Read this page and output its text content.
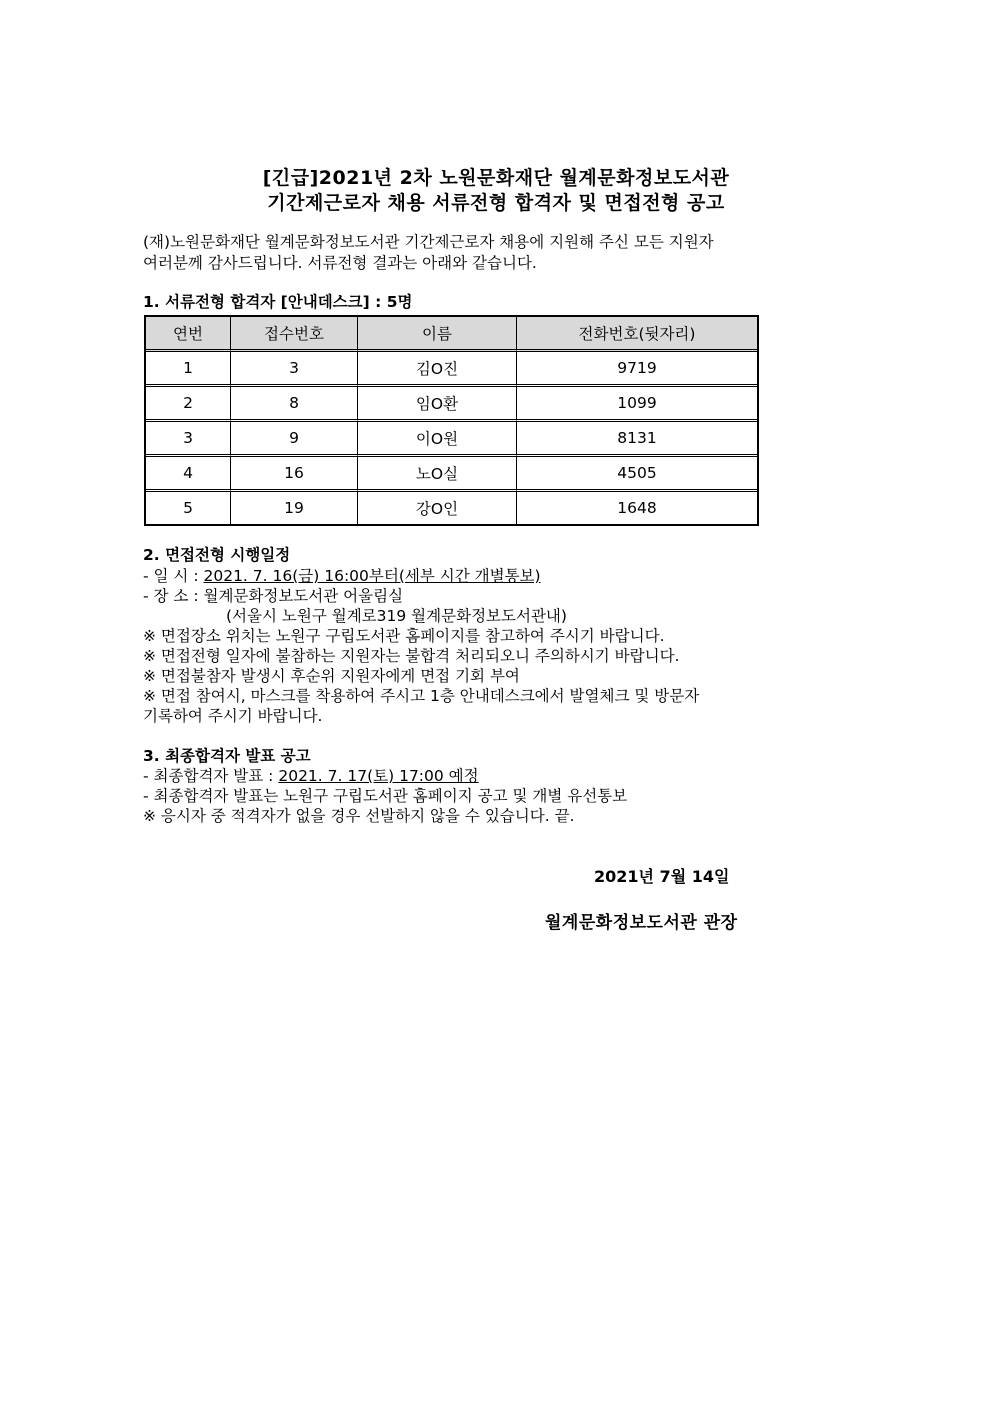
[긴급]2021년 2차 노원문화재단 월계문화정보도서관
기간제근로자 채용 서류전형 합격자 및 면접전형 공고
(재)노원문화재단 월계문화정보도서관 기간제근로자 채용에 지원해 주신 모든 지원자
여러분께 감사드립니다. 서류전형 결과는 아래와 같습니다.
1. 서류전형 합격자 [안내데스크] : 5명
연번	접수번호	이름	전화번호(뒷자리)
1	3	김O진	9719
2	8	임O환	1099
3	9	이O원	8131
4	16	노O실	4505
5	19	강O인	1648
2. 면접전형 시행일정
- 일 시 : 2021. 7. 16(금) 16:00부터(세부 시간 개별통보)
- 장 소 : 월계문화정보도서관 어울림실
(서울시 노원구 월계로319 월계문화정보도서관내)
※ 면접장소 위치는 노원구 구립도서관 홈페이지를 참고하여 주시기 바랍니다.
※ 면접전형 일자에 불참하는 지원자는 불합격 처리되오니 주의하시기 바랍니다.
※ 면접불참자 발생시 후순위 지원자에게 면접 기회 부여
※ 면접 참여시, 마스크를 착용하여 주시고 1층 안내데스크에서 발열체크 및 방문자
기록하여 주시기 바랍니다.
3. 최종합격자 발표 공고
- 최종합격자 발표 : 2021. 7. 17(토) 17:00 예정
- 최종합격자 발표는 노원구 구립도서관 홈페이지 공고 및 개별 유선통보
※ 응시자 중 적격자가 없을 경우 선발하지 않을 수 있습니다. 끝.
2021년 7월 14일
월계문화정보도서관 관장
